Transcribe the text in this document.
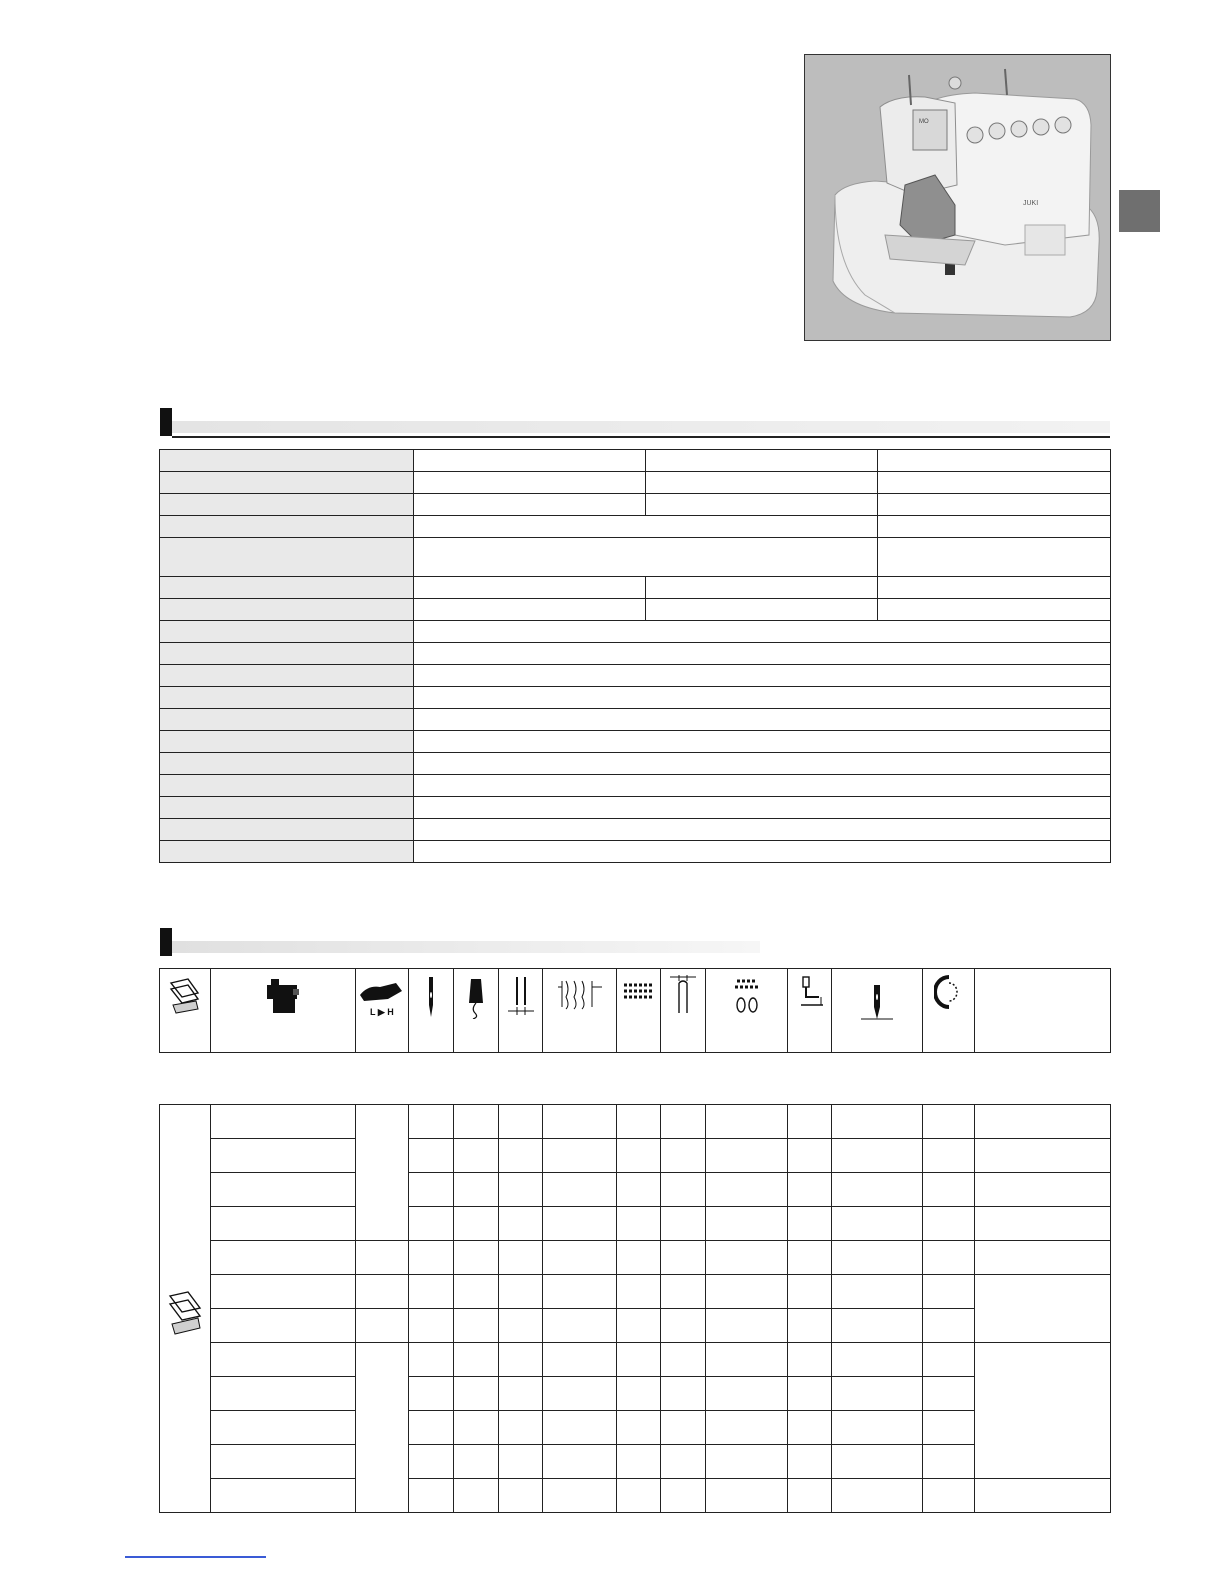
MO
JUKI

L ▶ H
